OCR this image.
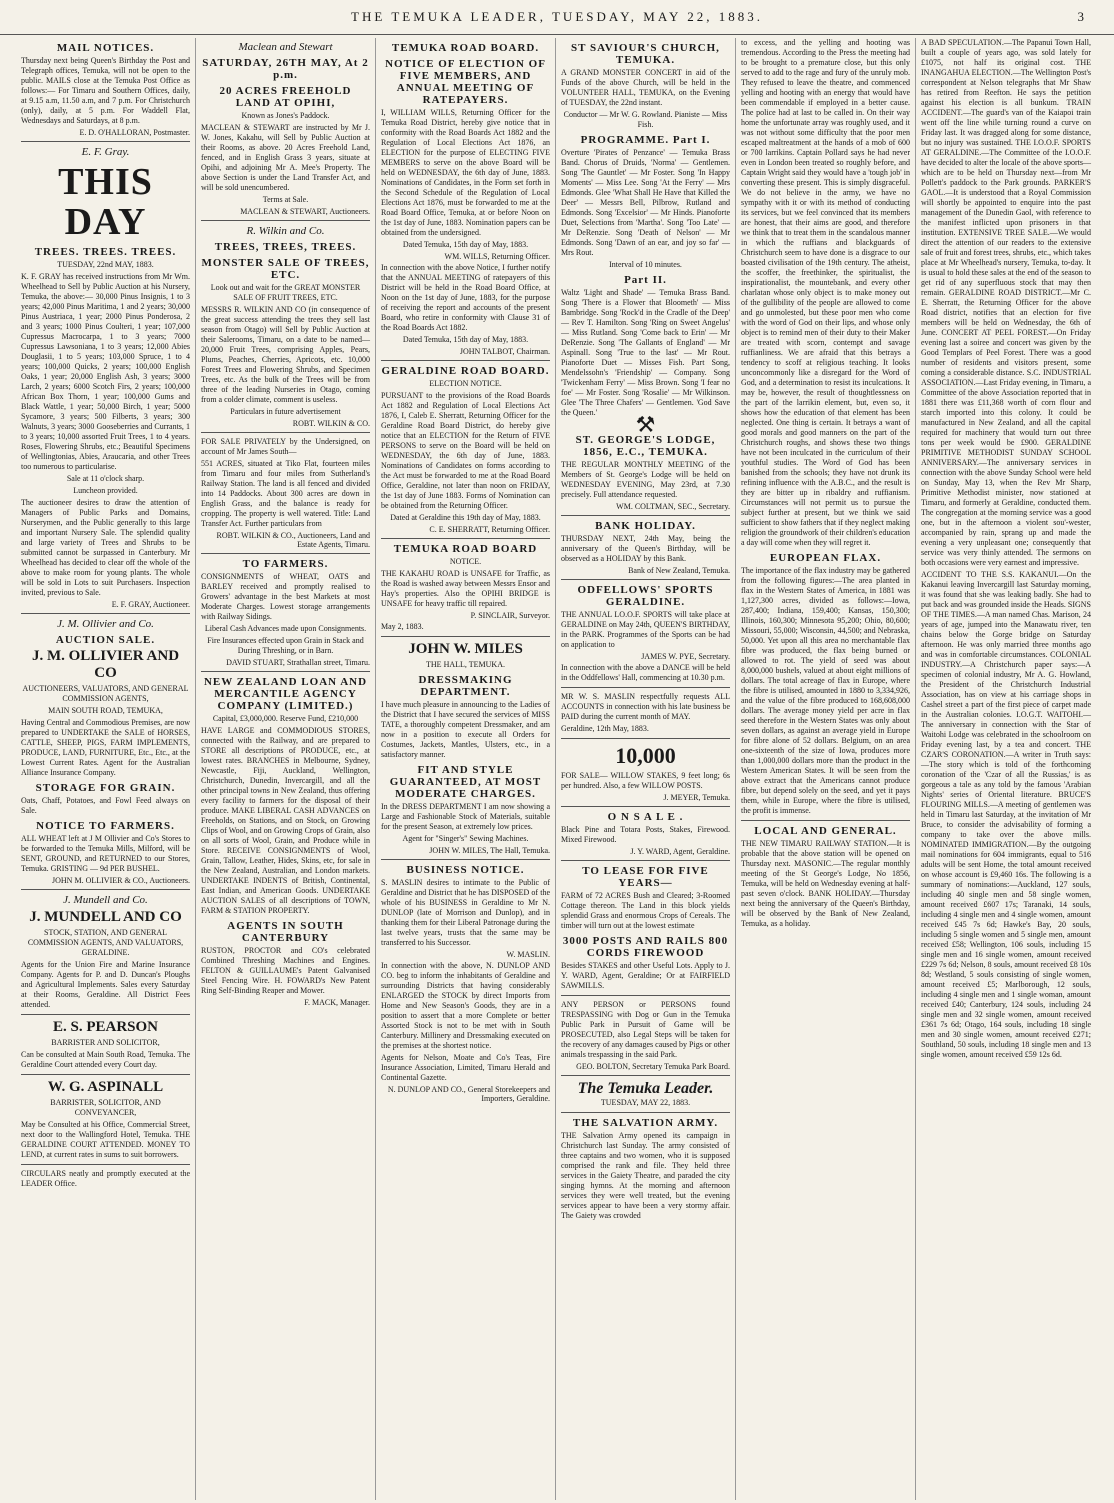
THE TEMUKA LEADER, TUESDAY, MAY 22, 1883.	3
MAIL NOTICES.
Thursday next being Queen's Birthday the Post and Telegraph offices, Temuka, will not be open to the public. MAILS close at the Temuka Post Office as follows:— For Timaru and Southern Offices, daily, at 9.15 a.m, 11.50 a.m, and 7 p.m. For Christchurch (only), daily, at 5 p.m. For Waddell Flat, Wednesdays and Saturdays, at 8 p.m.
E. D. O'HALLORAN, Postmaster.
E. F. Gray.
THIS DAY
TREES. TREES. TREES.
TUESDAY, 22nd MAY, 1883.
K. F. GRAY has received instructions from Mr Wm. Wheelhead to Sell by Public Auction at his Nursery, Temuka, the above:— 30,000 Pinus Insignis, 1 to 3 years; 42,000 Pinus Maritima, 1 and 2 years; 30,000 Pinus Austriaca, 1 year; 2000 Pinus Ponderosa, 2 and 3 years; 1000 Pinus Coulteri, 1 year; 107,000 Cupressus Macrocarpa, 1 to 3 years; 7000 Cupressus Lawsoniana, 1 to 3 years; 12,000 Abies Douglasii, 1 to 5 years; 103,000 Spruce, 1 to 4 years; 100,000 Quicks, 2 years; 100,000 English Oaks, 1 year; 20,000 English Ash, 3 years; 3000 Larch, 2 years; 6000 Scotch Firs, 2 years; 100,000 African Box Thorn, 1 year; 100,000 Gums and Black Wattle, 1 year; 50,000 Birch, 1 year; 5000 Sycamore, 3 years; 500 Filberts, 3 years; 300 Walnuts, 3 years; 3000 Gooseberries and Currants, 1 to 3 years; 10,000 assorted Fruit Trees, 1 to 4 years. Roses, Flowering Shrubs, etc.; Beautiful Specimens of Wellingtonias, Abies, Araucaria, and other Trees too numerous to particularise.
Sale at 11 o'clock sharp.
Luncheon provided.
The auctioneer desires to draw the attention of Managers of Public Parks and Domains, Nurserymen, and the Public generally to this large and important Nursery Sale. The splendid quality and large variety of Trees and Shrubs to be submitted cannot be surpassed in Canterbury. Mr Wheelhead has decided to clear off the whole of the above to make room for young plants. The whole will be sold in Lots to suit Purchasers. Inspection invited, previous to Sale.
E. F. GRAY, Auctioneer.
J. M. Ollivier and Co.
AUCTION SALE.
J. M. OLLIVIER AND CO
AUCTIONEERS, VALUATORS, AND GENERAL COMMISSION AGENTS,
MAIN SOUTH ROAD, TEMUKA,
Having Central and Commodious Premises, are now prepared to UNDERTAKE the SALE of HORSES, CATTLE, SHEEP, PIGS, FARM IMPLEMENTS, PRODUCE, LAND, FURNITURE, Etc., Etc., at the Lowest Current Rates. Agent for the Australian Alliance Insurance Company.
STORAGE FOR GRAIN.
Oats, Chaff, Potatoes, and Fowl Feed always on Sale.
NOTICE TO FARMERS.
ALL WHEAT left at J M Ollivier and Co's Stores to be forwarded to the Temuka Mills, Milford, will be SENT, GROUND, and RETURNED to our Stores, Temuka. GRISTING — 9d PER BUSHEL.
JOHN M. OLLIVIER & CO., Auctioneers.
J. Mundell and Co.
J. MUNDELL AND CO
STOCK, STATION, AND GENERAL COMMISSION AGENTS, AND VALUATORS, GERALDINE.
Agents for the Union Fire and Marine Insurance Company. Agents for P. and D. Duncan's Ploughs and Agricultural Implements. Sales every Saturday at their Rooms, Geraldine. All District Fees attended.
E. S. PEARSON
BARRISTER AND SOLICITOR,
Can be consulted at Main South Road, Temuka. The Geraldine Court attended every Court day.
W. G. ASPINALL
BARRISTER, SOLICITOR, AND CONVEYANCER,
May be Consulted at his Office, Commercial Street, next door to the Wallingford Hotel, Temuka. THE GERALDINE COURT ATTENDED. MONEY TO LEND, at current rates in sums to suit borrowers.
CIRCULARS neatly and promptly executed at the LEADER Office.
Maclean and Stewart
SATURDAY, 26TH MAY, At 2 p.m.
20 ACRES FREEHOLD LAND AT OPIHI,
Known as Jones's Paddock.
MACLEAN & STEWART are instructed by Mr J. W. Jones, Kakahu, will Sell by Public Auction at their Rooms, as above. 20 Acres Freehold Land, fenced, and in English Grass 3 years, situate at Opihi, and adjoining Mr A. Mee's Property. The above Section is under the Land Transfer Act, and will be sold unencumbered.
Terms at Sale.
MACLEAN & STEWART, Auctioneers.
R. Wilkin and Co.
TREES, TREES, TREES.
MONSTER SALE OF TREES, ETC.
Look out and wait for the GREAT MONSTER SALE OF FRUIT TREES, ETC.
MESSRS R. WILKIN AND CO (in consequence of the great success attending the trees they sell last season from Otago) will Sell by Public Auction at their Salerooms, Timaru, on a date to be named— 20,000 Fruit Trees, comprising Apples, Pears, Plums, Peaches, Cherries, Apricots, etc. 10,000 Forest Trees and Flowering Shrubs, and Specimen Trees, etc. As the bulk of the Trees will be from three of the leading Nurseries in Otago, coming from a colder climate, comment is useless.
Particulars in future advertisement
ROBT. WILKIN & CO.
FOR SALE PRIVATELY by the Undersigned, on account of Mr James South—
551 ACRES, situated at Tiko Flat, fourteen miles from Timaru and four miles from Sutherland's Railway Station. The land is all fenced and divided into 14 Paddocks. About 300 acres are down in English Grass, and the balance is ready for cropping. The property is well watered. Title: Land Transfer Act. Further particulars from
ROBT. WILKIN & CO., Auctioneers, Land and Estate Agents, Timaru.
TO FARMERS.
CONSIGNMENTS of WHEAT, OATS and BARLEY received and promptly realised to Growers' advantage in the best Markets at most Moderate Charges. Lowest storage arrangements with Railway Sidings.
Liberal Cash Advances made upon Consignments.
Fire Insurances effected upon Grain in Stack and During Threshing, or in Barn.
DAVID STUART, Strathallan street, Timaru.
NEW ZEALAND LOAN AND MERCANTILE AGENCY COMPANY (LIMITED.)
Capital, £3,000,000. Reserve Fund, £210,000
HAVE LARGE and COMMODIOUS STORES, connected with the Railway, and are prepared to STORE all descriptions of PRODUCE, etc., at lowest rates. BRANCHES in Melbourne, Sydney, Newcastle, Fiji, Auckland, Wellington, Christchurch, Dunedin, Invercargill, and all the other principal towns in New Zealand, thus offering every facility to farmers for the disposal of their produce. MAKE LIBERAL CASH ADVANCES on Freeholds, on Stations, and on Stock, on Growing Clips of Wool, and on Growing Crops of Grain, also on all sorts of Wool, Grain, and Produce while in Store. RECEIVE CONSIGNMENTS of Wool, Grain, Tallow, Leather, Hides, Skins, etc, for sale in the New Zealand, Australian, and London markets. UNDERTAKE INDENTS of British, Continental, East Indian, and American Goods. UNDERTAKE AUCTION SALES of all descriptions of TOWN, FARM & STATION PROPERTY.
AGENTS IN SOUTH CANTERBURY
RUSTON, PROCTOR and CO's celebrated Combined Threshing Machines and Engines. FELTON & GUILLAUME's Patent Galvanised Steel Fencing Wire. H. FOWARD's New Patent Ring Self-Binding Reaper and Mower.
F. MACK, Manager.
TEMUKA ROAD BOARD.
NOTICE OF ELECTION OF FIVE MEMBERS, AND ANNUAL MEETING OF RATEPAYERS.
I, WILLIAM WILLS, Returning Officer for the Temuka Road District, hereby give notice that in conformity with the Road Boards Act 1882 and the Regulation of Local Elections Act 1876, an ELECTION for the purpose of ELECTING FIVE MEMBERS to serve on the above Board will be held on WEDNESDAY, the 6th day of June, 1883. Nominations of Candidates, in the Form set forth in the Second Schedule of the Regulation of Local Elections Act 1876, must be forwarded to me at the Road Board Office, Temuka, at or before Noon on the 1st day of June, 1883. Nomination papers can be obtained from the undersigned.
Dated Temuka, 15th day of May, 1883.
WM. WILLS, Returning Officer.
In connection with the above Notice, I further notify that the ANNUAL MEETING of ratepayers of this District will be held in the Road Board Office, at Noon on the 1st day of June, 1883, for the purpose of receiving the report and accounts of the present Board, who retire in conformity with Clause 31 of the Road Boards Act 1882.
Dated Temuka, 15th day of May, 1883.
JOHN TALBOT, Chairman.
GERALDINE ROAD BOARD.
ELECTION NOTICE.
PURSUANT to the provisions of the Road Boards Act 1882 and Regulation of Local Elections Act 1876, I, Caleb E. Sherratt, Returning Officer for the Geraldine Road Board District, do hereby give notice that an ELECTION for the Return of FIVE PERSONS to serve on the Board will be held on WEDNESDAY, the 6th day of June, 1883. Nominations of Candidates on forms according to the Act must be forwarded to me at the Road Board Office, Geraldine, not later than noon on FRIDAY, the 1st day of June 1883. Forms of Nomination can be obtained from the Returning Officer.
Dated at Geraldine this 19th day of May, 1883.
C. E. SHERRATT, Returning Officer.
TEMUKA ROAD BOARD
NOTICE.
THE KAKAHU ROAD is UNSAFE for Traffic, as the Road is washed away between Messrs Ensor and Hay's properties. Also the OPIHI BRIDGE is UNSAFE for heavy traffic till repaired.
P. SINCLAIR, Surveyor.
May 2, 1883.
JOHN W. MILES
THE HALL, TEMUKA.
DRESSMAKING DEPARTMENT.
I have much pleasure in announcing to the Ladies of the District that I have secured the services of MISS TATE, a thoroughly competent Dressmaker, and am now in a position to execute all Orders for Costumes, Jackets, Mantles, Ulsters, etc., in a satisfactory manner.
FIT AND STYLE GUARANTEED, AT MOST MODERATE CHARGES.
In the DRESS DEPARTMENT I am now showing a Large and Fashionable Stock of Materials, suitable for the present Season, at extremely low prices.
Agent for "Singer's" Sewing Machines.
JOHN W. MILES, The Hall, Temuka.
BUSINESS NOTICE.
S. MASLIN desires to intimate to the Public of Geraldine and District that he has DISPOSED of the whole of his BUSINESS in Geraldine to Mr N. DUNLOP (late of Morrison and Dunlop), and in thanking them for their Liberal Patronage during the last twelve years, trusts that the same may be transferred to his Successor.
W. MASLIN.
In connection with the above, N. DUNLOP AND CO. beg to inform the inhabitants of Geraldine and surrounding Districts that having considerably ENLARGED the STOCK by direct Imports from Home and New Season's Goods, they are in a position to assert that a more Complete or better Assorted Stock is not to be met with in South Canterbury. Millinery and Dressmaking executed on the premises at the shortest notice.
Agents for Nelson, Moate and Co's Teas, Fire Insurance Association, Limited, Timaru Herald and Continental Gazette.
N. DUNLOP AND CO., General Storekeepers and Importers, Geraldine.
ST SAVIOUR'S CHURCH, TEMUKA.
A GRAND MONSTER CONCERT in aid of the Funds of the above Church, will be held in the VOLUNTEER HALL, TEMUKA, on the Evening of TUESDAY, the 22nd instant.
Conductor — Mr W. G. Rowland. Pianiste — Miss Fish.
PROGRAMME. Part I.
Overture 'Pirates of Penzance' — Temuka Brass Band. Chorus of Druids, 'Norma' — Gentlemen. Song 'The Gauntlet' — Mr Foster. Song 'In Happy Moments' — Miss Lee. Song 'At the Ferry' — Mrs Edmonds. Glee 'What Shall He Have that Killed the Deer' — Messrs Bell, Pilbrow, Rutland and Edmonds. Song 'Excelsior' — Mr Hinds. Pianoforte Duet, Selections from 'Martha'. Song 'Too Late' — Mr DeRenzie. Song 'Death of Nelson' — Mr Edmonds. Song 'Dawn of an ear, and joy so far' — Mrs Rout.
Interval of 10 minutes.
Part II.
Waltz 'Light and Shade' — Temuka Brass Band. Song 'There is a Flower that Bloometh' — Miss Bambridge. Song 'Rock'd in the Cradle of the Deep' — Rev T. Hamilton. Song 'Ring on Sweet Angelus' — Miss Rutland. Song 'Come back to Erin' — Mr DeRenzie. Song 'The Gallants of England' — Mr Aspinall. Song 'True to the last' — Mr Rout. Pianoforte Duet — Misses Fish. Part Song, Mendelssohn's 'Friendship' — Company. Song 'Twickenham Ferry' — Miss Brown. Song 'I fear no foe' — Mr Foster. Song 'Rosalie' — Mr Wilkinson. Glee 'The Three Chafers' — Gentlemen. 'God Save the Queen.'	⚒
ST. GEORGE'S LODGE, 1856, E.C., TEMUKA.
THE REGULAR MONTHLY MEETING of the Members of St. George's Lodge will be held on WEDNESDAY EVENING, May 23rd, at 7.30 precisely. Full attendance requested.
WM. COLTMAN, SEC., Secretary.
BANK HOLIDAY.
THURSDAY NEXT, 24th May, being the anniversary of the Queen's Birthday, will be observed as a HOLIDAY by this Bank.
Bank of New Zealand, Temuka.
ODFELLOWS' SPORTS GERALDINE.
THE ANNUAL LO.O.F. SPORTS will take place at GERALDINE on May 24th, QUEEN'S BIRTHDAY, in the PARK. Programmes of the Sports can be had on application to
JAMES W. PYE, Secretary.
In connection with the above a DANCE will be held in the Oddfellows' Hall, commencing at 10.30 p.m.
MR W. S. MASLIN respectfully requests ALL ACCOUNTS in connection with his late business be PAID during the current month of MAY.
Geraldine, 12th May, 1883.
10,000
FOR SALE— WILLOW STAKES, 9 feet long; 6s per hundred. Also, a few WILLOW POSTS.
J. MEYER, Temuka.
O N S A L E .
Black Pine and Totara Posts, Stakes, Firewood. Mixed Firewood.
J. Y. WARD, Agent, Geraldine.
TO LEASE FOR FIVE YEARS—
FARM of 72 ACRES Bush and Cleared; 3-Roomed Cottage thereon. The Land in this block yields splendid Grass and enormous Crops of Cereals. The timber will turn out at the lowest estimate
3000 POSTS AND RAILS 800 CORDS FIREWOOD
Besides STAKES and other Useful Lots. Apply to J. Y. WARD, Agent, Geraldine; Or at FAIRFIELD SAWMILLS.
ANY PERSON or PERSONS found TRESPASSING with Dog or Gun in the Temuka Public Park in Pursuit of Game will be PROSECUTED, also Legal Steps will be taken for the recovery of any damages caused by Pigs or other animals trespassing in the said Park.
GEO. BOLTON, Secretary Temuka Park Board.
The Temuka Leader.
TUESDAY, MAY 22, 1883.
THE SALVATION ARMY.
THE Salvation Army opened its campaign in Christchurch last Sunday. The army consisted of three captains and two women, who it is supposed comprised the rank and file. They held three services in the Gaiety Theatre, and paraded the city singing hymns. At the morning and afternoon services they were well treated, but the evening services appear to have been a very stormy affair. The Gaiety was crowded
to excess, and the yelling and hooting was tremendous. According to the Press the meeting had to be brought to a premature close, but this only served to add to the rage and fury of the unruly mob. They refused to leave the theatre, and commenced yelling and hooting with an energy that would have been commendable if employed in a better cause. The police had at last to be called in. On their way home the unfortunate array was roughly used, and it was not without some difficulty that the poor men escaped maltreatment at the hands of a mob of 600 or 700 larrikins. Captain Pollard says he had never even in London been treated so roughly before, and Captain Wright said they would have a 'tough job' in converting these present. This is simply disgraceful. We do not believe in the army, we have no sympathy with it or with its method of conducting its services, but we feel convinced that its members are honest, that their aims are good, and therefore we think that to treat them in the scandalous manner in which the ruffians and blackguards of Christchurch seem to have done is a disgrace to our boasted civilisation of the 19th century. The atheist, the scoffer, the freethinker, the spiritualist, the inspirationalist, the mountebank, and every other charlatan whose only object is to make money out of the gullibility of the people are allowed to come and go unmolested, but these poor men who come with the word of God on their lips, and whose only object is to remind men of their duty to their Maker are treated with scorn, contempt and savage ruffianliness. We are afraid that this betrays a tendency to scoff at religious teaching. It looks unconcommonly like a disregard for the Word of God, and a determination to resist its inculcations. It may be, however, the result of thoughtlessness on the part of the larrikin element, but, even so, it shows how the education of that element has been neglected. One thing is certain. It betrays a want of good morals and good manners on the part of the Christchurch roughs, and shows these two things have not been inculcated in the curriculum of their youthful studies. The Word of God has been banished from the schools; they have not drunk its refining influence with the A.B.C., and the result is they are bitter up in ribaldry and ruffianism. Circumstances will not permit us to pursue the subject further at present, but we think we said sufficient to show fathers that if they neglect making religion the groundwork of their children's education a day will come when they will regret it.
EUROPEAN FLAX.
The importance of the flax industry may be gathered from the following figures:—The area planted in flax in the Western States of America, in 1881 was 1,127,300 acres, divided as follows:—Iowa, 287,400; Indiana, 159,400; Kansas, 150,300; Illinois, 160,300; Minnesota 95,200; Ohio, 80,600; Missouri, 55,000; Wisconsin, 44,500; and Nebraska, 50,000. Yet upon all this area no merchantable flax fibre was produced, the flax being burned or allowed to rot. The yield of seed was about 8,000,000 bushels, valued at about eight millions of dollars. The total acreage of flax in Europe, where the fibre is utilised, amounted in 1880 to 3,334,926, and the value of the fibre produced to 168,608,000 dollars. The average money yield per acre in flax seed therefore in the Western States was only about seven dollars, as against an average yield in Europe for fibre alone of 52 dollars. Belgium, on an area one-sixteenth of the size of Iowa, produces more than 1,000,000 dollars more than the product in the Western American States. It will be seen from the above extract that the Americans cannot produce fibre, but depend solely on the seed, and yet it pays them, while in Europe, where the fibre is utilised, the profit is immense.
LOCAL AND GENERAL.
THE NEW TIMARU RAILWAY STATION.—It is probable that the above station will be opened on Thursday next. MASONIC.—The regular monthly meeting of the St George's Lodge, No 1856, Temuka, will be held on Wednesday evening at half-past seven o'clock. BANK HOLIDAY.—Thursday next being the anniversary of the Queen's Birthday, will be observed by the Bank of New Zealand, Temuka, as a holiday.
A BAD SPECULATION.—The Papanui Town Hall, built a couple of years ago, was sold lately for £1075, not half its original cost. THE INANGAHUA ELECTION.—The Wellington Post's correspondent at Nelson telegraphs that Mr Shaw has retired from Reefton. He says the petition against his election is all bunkum. TRAIN ACCIDENT.—The guard's van of the Kaiapoi train went off the line while turning round a curve on Friday last. It was dragged along for some distance, but no injury was sustained. THE I.O.O.F. SPORTS AT GERALDINE.—The Committee of the I.O.O.F. have decided to alter the locale of the above sports—which are to be held on Thursday next—from Mr Pollett's paddock to the Park grounds. PARKER'S GAOL.—It is understood that a Royal Commission will shortly be appointed to enquire into the past management of the Dunedin Gaol, with reference to the manifest inflicted upon prisoners in that institution. EXTENSIVE TREE SALE.—We would direct the attention of our readers to the extensive sale of fruit and forest trees, shrubs, etc., which takes place at Mr Wheelhead's nursery, Temuka, to-day. It is usual to hold these sales at the end of the season to get rid of any superfluous stock that may then remain. GERALDINE ROAD DISTRICT.—Mr C. E. Sherratt, the Returning Officer for the above Road district, notifies that an election for five members will be held on Wednesday, the 6th of June. CONCERT AT PEEL FOREST.—On Friday evening last a soiree and concert was given by the Good Templars of Peel Forest. There was a good number of residents and visitors present, some coming a considerable distance. S.C. INDUSTRIAL ASSOCIATION.—Last Friday evening, in Timaru, a Committee of the above Association reported that in 1881 there was £11,368 worth of corn flour and starch imported into this colony. It could be manufactured in New Zealand, and all the capital required for machinery that would turn out three tons per week would be £900. GERALDINE PRIMITIVE METHODIST SUNDAY SCHOOL ANNIVERSARY.—The anniversary services in connection with the above Sunday School were held on Sunday, May 13, when the Rev Mr Sharp, Primitive Methodist minister, now stationed at Timaru, and formerly at Geraldine, conducted them. The congregation at the morning service was a good one, but in the afternoon a violent sou'-wester, accompanied by rain, sprang up and made the evening a very unpleasant one; consequently that service was very thinly attended. The sermons on both occasions were very earnest and impressive.
ACCIDENT TO THE S.S. KAKANUI.—On the Kakanui leaving Invercargill last Saturday morning, it was found that she was leaking badly. She had to put back and was grounded inside the Heads. SIGNS OF THE TIMES.—A man named Chas. Marison, 24 years of age, jumped into the Manawatu river, ten chains below the Gorge bridge on Saturday afternoon. He was only married three months ago and was in comfortable circumstances. COLONIAL INDUSTRY.—A Christchurch paper says:—A specimen of colonial industry, Mr A. G. Howland, the President of the Christchurch Industrial Association, has on view at his carriage shops in Cashel street a part of the first piece of carpet made in the Australian colonies. I.O.G.T. WAITOHI.—The anniversary in connection with the Star of Waitohi Lodge was celebrated in the schoolroom on Friday evening last, by a tea and concert. THE CZAR'S CORONATION.—A writer in Truth says:—The story which is told of the forthcoming coronation of the 'Czar of all the Russias,' is as gorgeous a tale as any told by the famous 'Arabian Nights' series of Oriental literature. BRUCE'S FLOURING MILLS.—A meeting of gentlemen was held in Timaru last Saturday, at the invitation of Mr Bruce, to consider the advisability of forming a company to take over the above mills. NOMINATED IMMIGRATION.—By the outgoing mail nominations for 604 immigrants, equal to 516 adults will be sent Home, the total amount received on whose account is £9,460 16s. The following is a summary of nominations:—Auckland, 127 souls, including 40 single men and 58 single women, amount received £607 17s; Taranaki, 14 souls, including 4 single men and 4 single women, amount received £45 7s 6d; Hawke's Bay, 20 souls, including 5 single women and 5 single men, amount received £58; Wellington, 106 souls, including 15 single men and 16 single women, amount received £229 7s 6d; Nelson, 8 souls, amount received £8 10s 8d; Westland, 5 souls consisting of single women, amount received £5; Marlborough, 12 souls, including 4 single men and 1 single woman, amount received £40; Canterbury, 124 souls, including 24 single men and 32 single women, amount received £361 7s 6d; Otago, 164 souls, including 18 single men and 30 single women, amount received £271; Southland, 50 souls, including 18 single men and 13 single women, amount received £59 12s 6d.
